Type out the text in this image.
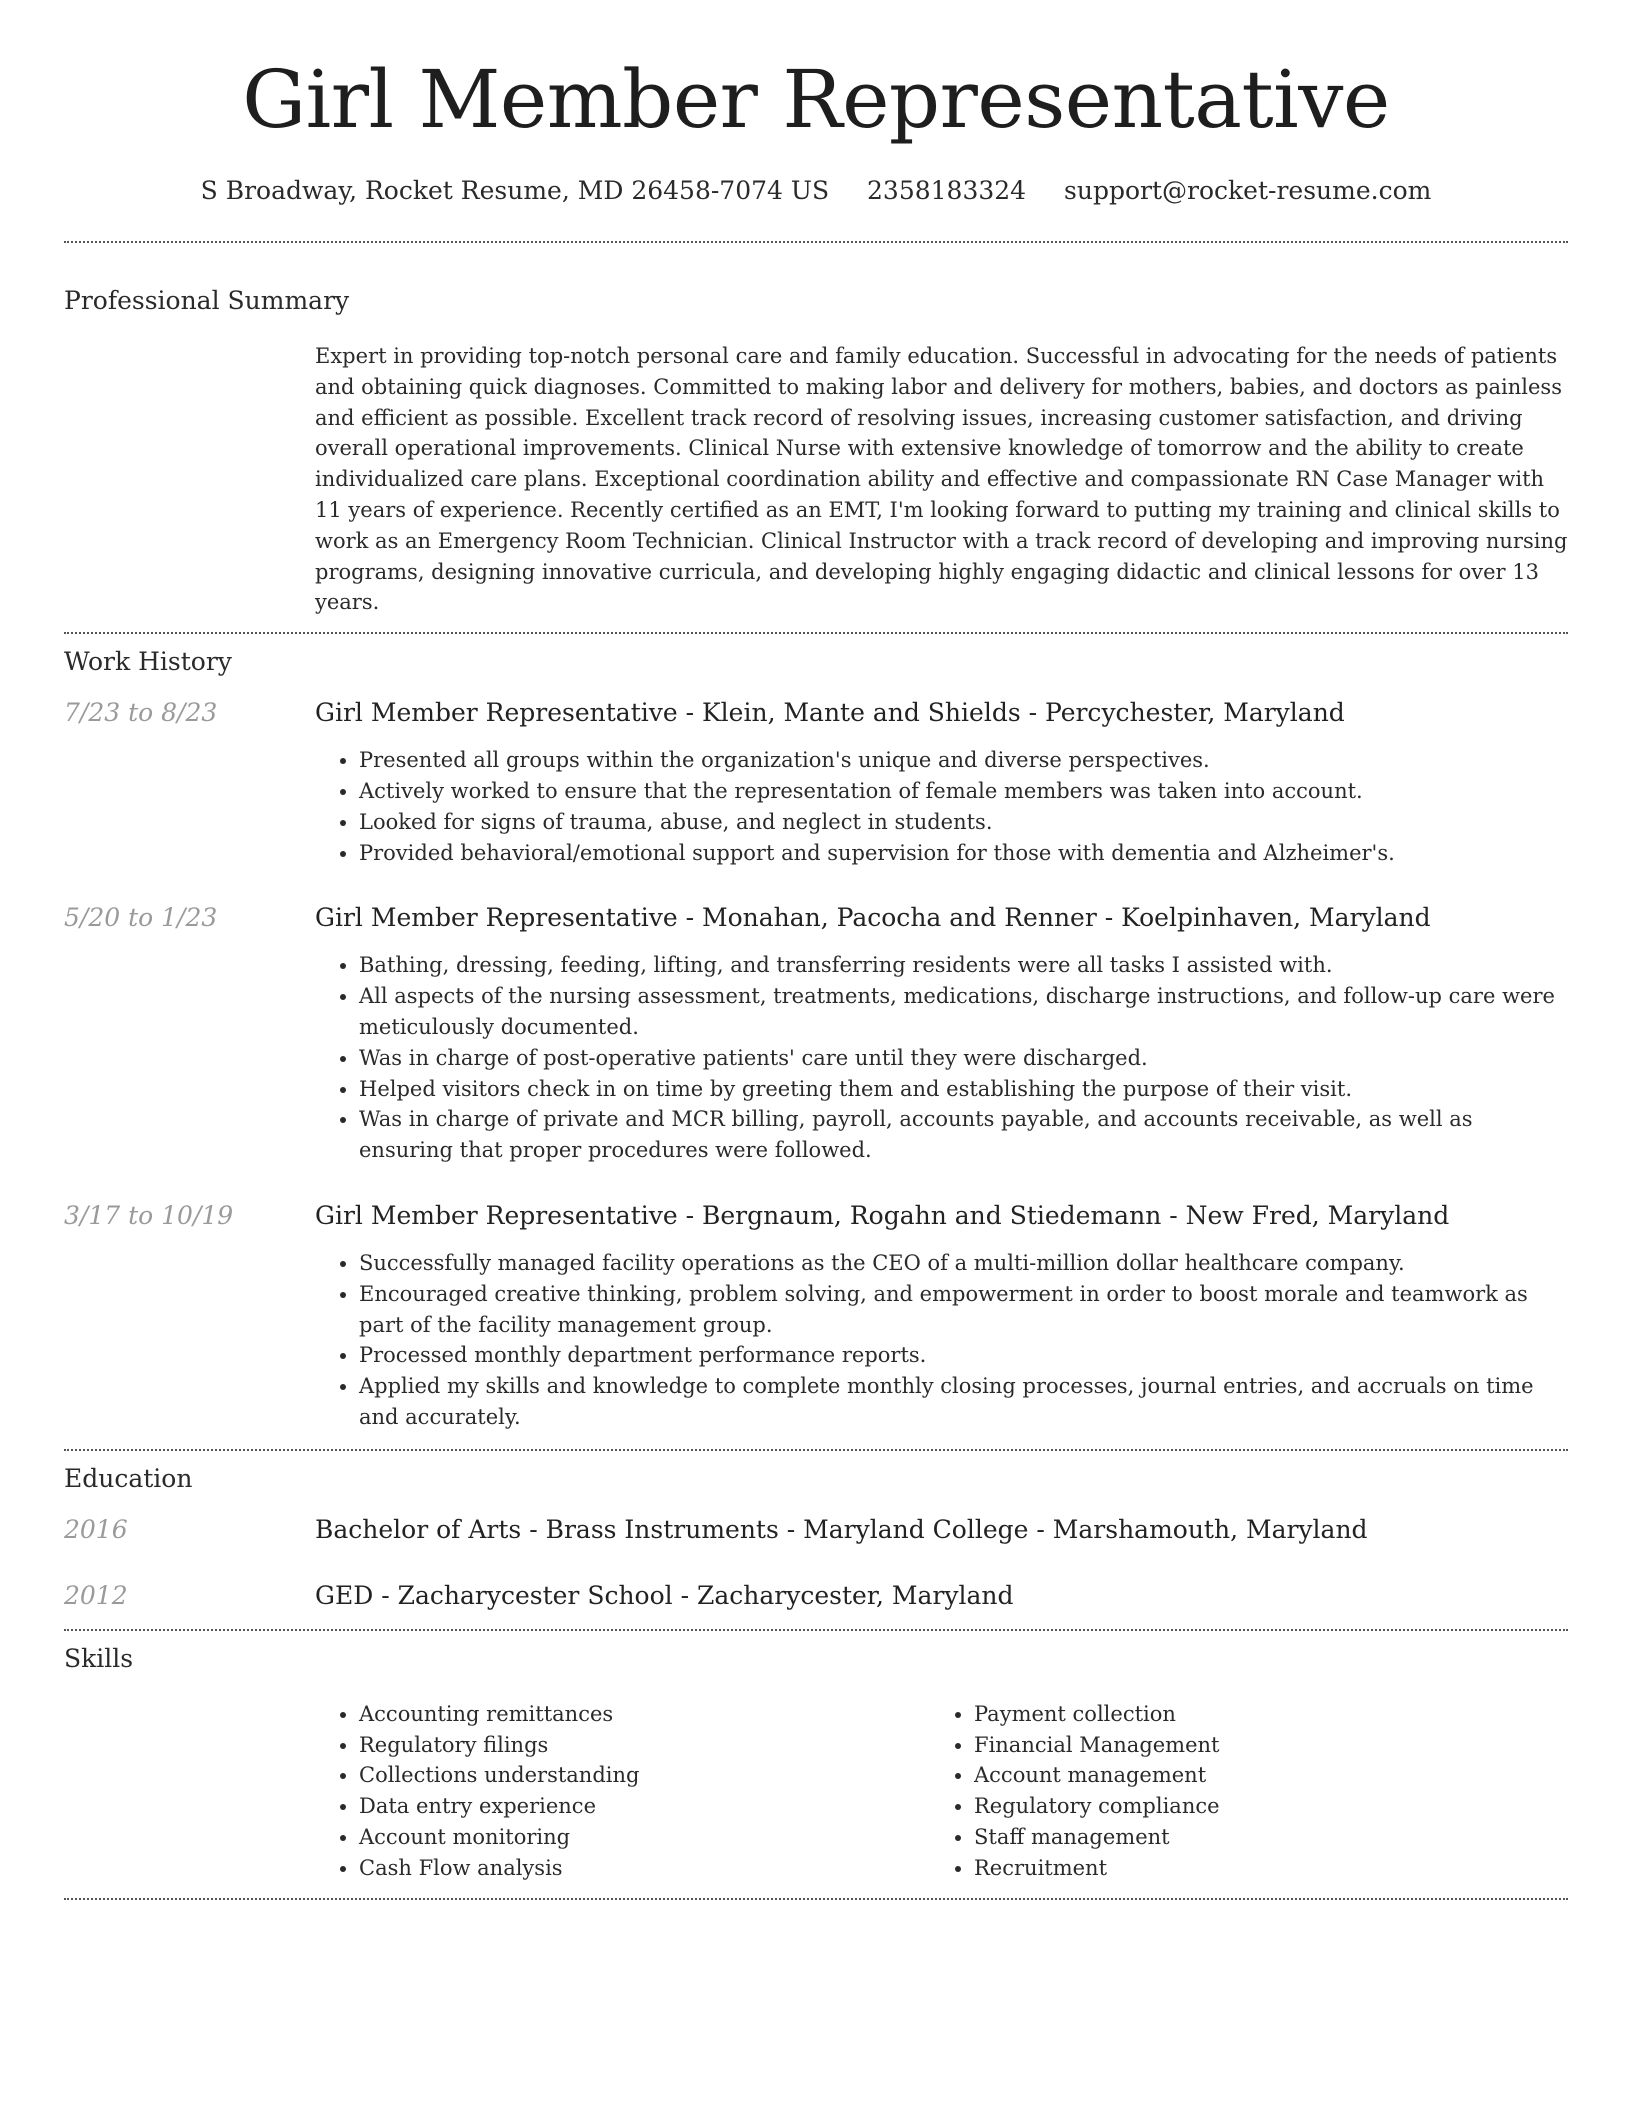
Girl Member Representative
S Broadway, Rocket Resume, MD 26458-7074 US 2358183324 support@rocket-resume.com
Professional Summary
Expert in providing top-notch personal care and family education. Successful in advocating for the needs of patients and obtaining quick diagnoses. Committed to making labor and delivery for mothers, babies, and doctors as painless and efficient as possible. Excellent track record of resolving issues, increasing customer satisfaction, and driving overall operational improvements. Clinical Nurse with extensive knowledge of tomorrow and the ability to create individualized care plans. Exceptional coordination ability and effective and compassionate RN Case Manager with 11 years of experience. Recently certified as an EMT, I'm looking forward to putting my training and clinical skills to work as an Emergency Room Technician. Clinical Instructor with a track record of developing and improving nursing programs, designing innovative curricula, and developing highly engaging didactic and clinical lessons for over 13 years.
Work History
7/23 to 8/23	Girl Member Representative - Klein, Mante and Shields - Percychester, Maryland
• Presented all groups within the organization's unique and diverse perspectives.
• Actively worked to ensure that the representation of female members was taken into account.
• Looked for signs of trauma, abuse, and neglect in students.
• Provided behavioral/emotional support and supervision for those with dementia and Alzheimer's.
5/20 to 1/23	Girl Member Representative - Monahan, Pacocha and Renner - Koelpinhaven, Maryland
• Bathing, dressing, feeding, lifting, and transferring residents were all tasks I assisted with.
• All aspects of the nursing assessment, treatments, medications, discharge instructions, and follow-up care were meticulously documented.
• Was in charge of post-operative patients' care until they were discharged.
• Helped visitors check in on time by greeting them and establishing the purpose of their visit.
• Was in charge of private and MCR billing, payroll, accounts payable, and accounts receivable, as well as ensuring that proper procedures were followed.
3/17 to 10/19	Girl Member Representative - Bergnaum, Rogahn and Stiedemann - New Fred, Maryland
• Successfully managed facility operations as the CEO of a multi-million dollar healthcare company.
• Encouraged creative thinking, problem solving, and empowerment in order to boost morale and teamwork as part of the facility management group.
• Processed monthly department performance reports.
• Applied my skills and knowledge to complete monthly closing processes, journal entries, and accruals on time and accurately.
Education
2016	Bachelor of Arts - Brass Instruments - Maryland College - Marshamouth, Maryland
2012	GED - Zacharycester School - Zacharycester, Maryland
Skills
• Accounting remittances
• Regulatory filings
• Collections understanding
• Data entry experience
• Account monitoring
• Cash Flow analysis
• Payment collection
• Financial Management
• Account management
• Regulatory compliance
• Staff management
• Recruitment
